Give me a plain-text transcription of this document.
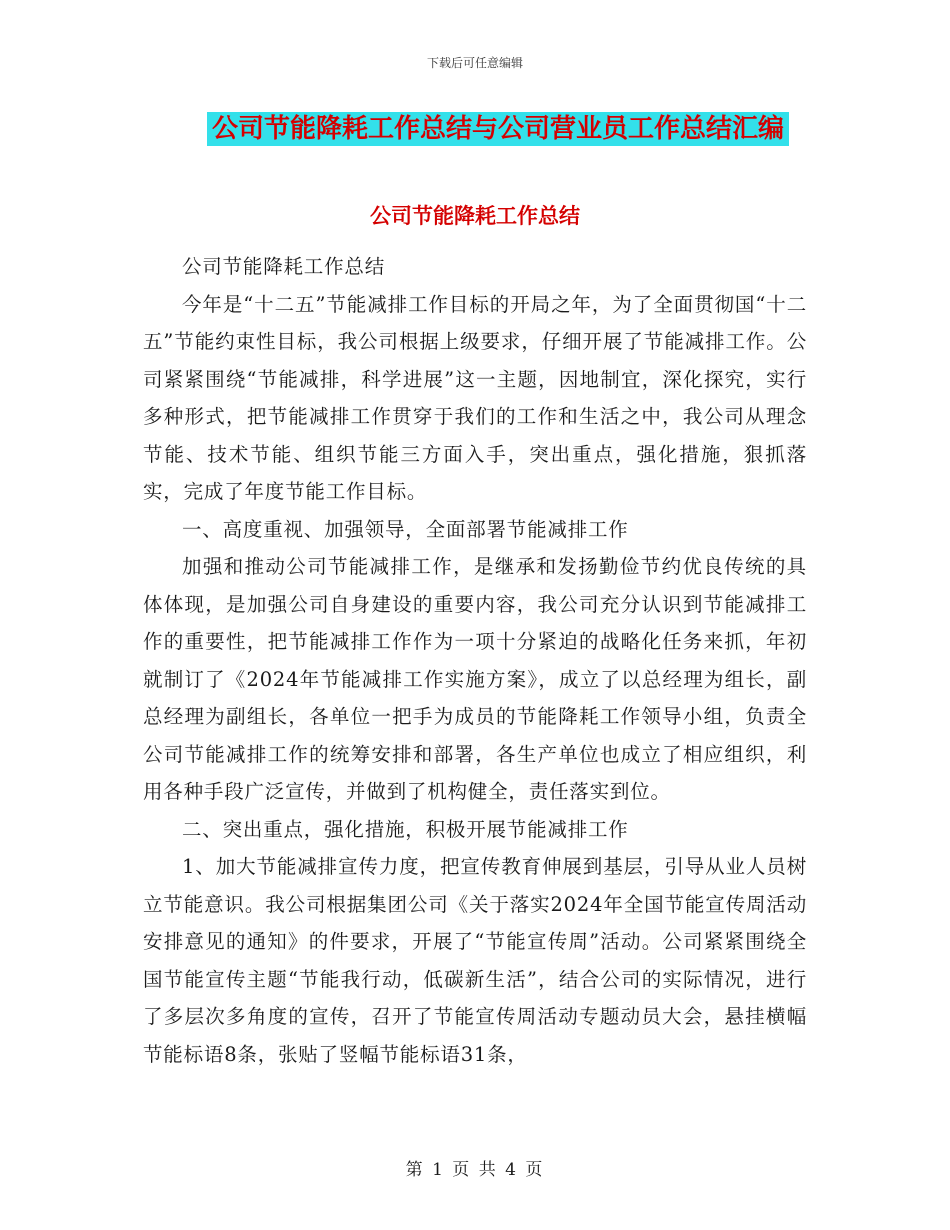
下载后可任意编辑
公司节能降耗工作总结与公司营业员工作总结汇编
公司节能降耗工作总结

公司节能降耗工作总结

今年是“十二五”节能减排工作目标的开局之年，为了全面贯彻国“十二五”节能约束性目标，我公司根据上级要求，仔细开展了节能减排工作。公司紧紧围绕“节能减排，科学进展”这一主题，因地制宜，深化探究，实行多种形式，把节能减排工作贯穿于我们的工作和生活之中，我公司从理念节能、技术节能、组织节能三方面入手，突出重点，强化措施，狠抓落实，完成了年度节能工作目标。

一、高度重视、加强领导，全面部署节能减排工作

加强和推动公司节能减排工作，是继承和发扬勤俭节约优良传统的具体体现，是加强公司自身建设的重要内容，我公司充分认识到节能减排工作的重要性，把节能减排工作作为一项十分紧迫的战略化任务来抓，年初就制订了《2024年节能减排工作实施方案》，成立了以总经理为组长，副总经理为副组长，各单位一把手为成员的节能降耗工作领导小组，负责全公司节能减排工作的统筹安排和部署，各生产单位也成立了相应组织，利用各种手段广泛宣传，并做到了机构健全，责任落实到位。

二、突出重点，强化措施，积极开展节能减排工作

1、加大节能减排宣传力度，把宣传教育伸展到基层，引导从业人员树立节能意识。我公司根据集团公司《关于落实2024年全国节能宣传周活动安排意见的通知》的件要求，开展了“节能宣传周”活动。公司紧紧围绕全国节能宣传主题“节能我行动，低碳新生活”，结合公司的实际情况，进行了多层次多角度的宣传，召开了节能宣传周活动专题动员大会，悬挂横幅节能标语8条，张贴了竖幅节能标语31条，

第 1 页 共 4 页
